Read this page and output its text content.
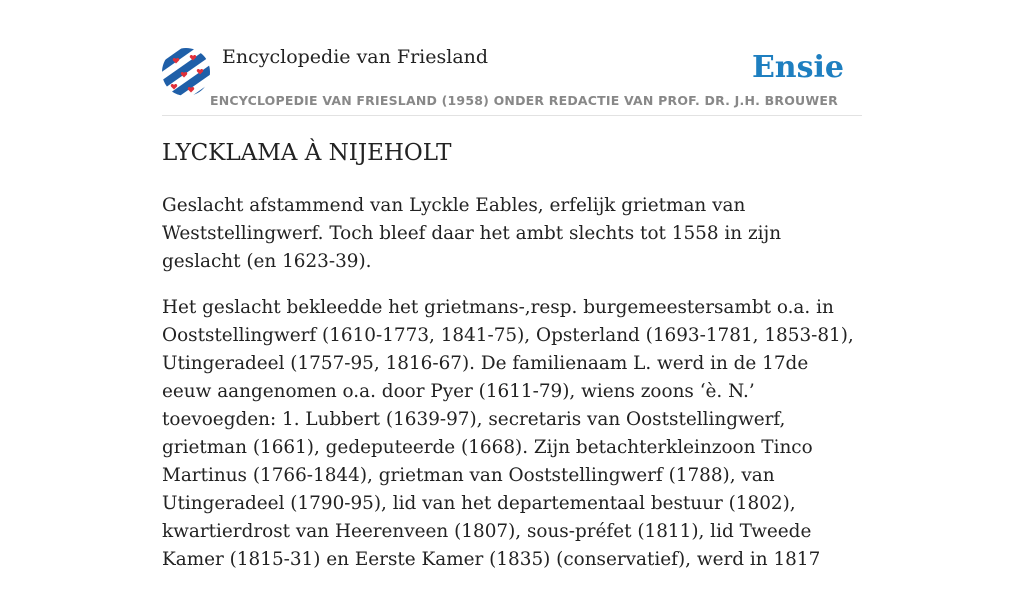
Encyclopedie van Friesland
ENCYCLOPEDIE VAN FRIESLAND (1958) ONDER REDACTIE VAN PROF. DR. J.H. BROUWER
Ensie
LYCKLAMA À NIJEHOLT

Geslacht afstammend van Lyckle Eables, erfelijk grietman van Weststellingwerf. Toch bleef daar het ambt slechts tot 1558 in zijn geslacht (en 1623-39).

Het geslacht bekleedde het grietmans-,resp. burgemeestersambt o.a. in Ooststellingwerf (1610-1773, 1841-75), Opsterland (1693-1781, 1853-81), Utingeradeel (1757-95, 1816-67). De familienaam L. werd in de 17de eeuw aangenomen o.a. door Pyer (1611-79), wiens zoons ‘è. N.’ toevoegden: 1. Lubbert (1639-97), secretaris van Ooststellingwerf, grietman (1661), gedeputeerde (1668). Zijn betachterkleinzoon Tinco Martinus (1766-1844), grietman van Ooststellingwerf (1788), van Utingeradeel (1790-95), lid van het departementaal bestuur (1802), kwartierdrost van Heerenveen (1807), sous-préfet (1811), lid Tweede Kamer (1815-31) en Eerste Kamer (1835) (conservatief), werd in 1817
